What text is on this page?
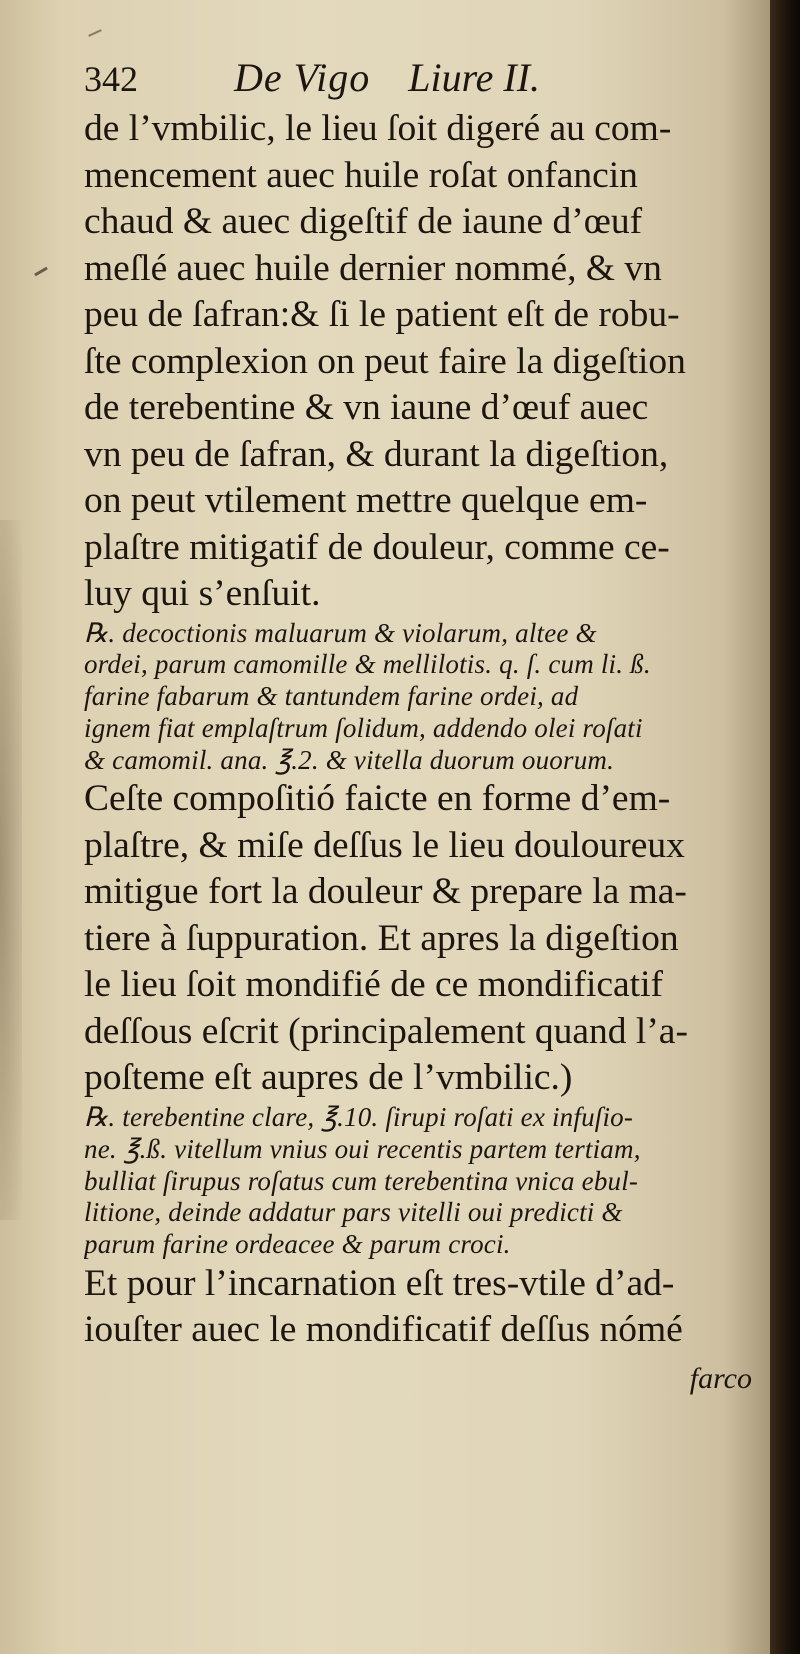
342	De Vigo Liure II.
de l’vmbilic, le lieu ſoit digeré au com-
mencement auec huile roſat onfancin
chaud & auec digeſtif de iaune d’œuf
meſlé auec huile dernier nommé, & vn
peu de ſafran:& ſi le patient eſt de robu-
ſte complexion on peut faire la digeſtion
de terebentine & vn iaune d’œuf auec
vn peu de ſafran, & durant la digeſtion,
on peut vtilement mettre quelque em-
plaſtre mitigatif de douleur, comme ce-
luy qui s’enſuit.
℞. decoctionis maluarum & violarum, altee &
ordei, parum camomille & mellilotis. q. ſ. cum li. ß.
farine fabarum & tantundem farine ordei, ad
ignem fiat emplaſtrum ſolidum, addendo olei roſati
& camomil. ana. ℥.2. & vitella duorum ouorum.
Ceſte compoſitió faicte en forme d’em-
plaſtre, & miſe deſſus le lieu douloureux
mitigue fort la douleur & prepare la ma-
tiere à ſuppuration. Et apres la digeſtion
le lieu ſoit mondifié de ce mondificatif
deſſous eſcrit (principalement quand l’a-
poſteme eſt aupres de l’vmbilic.)
℞. terebentine clare, ℥.10. ſirupi roſati ex infuſio-
ne. ℥.ß. vitellum vnius oui recentis partem tertiam,
bulliat ſirupus roſatus cum terebentina vnica ebul-
litione, deinde addatur pars vitelli oui predicti &
parum farine ordeacee & parum croci.
Et pour l’incarnation eſt tres-vtile d’ad-
iouſter auec le mondificatif deſſus nómé
farco
